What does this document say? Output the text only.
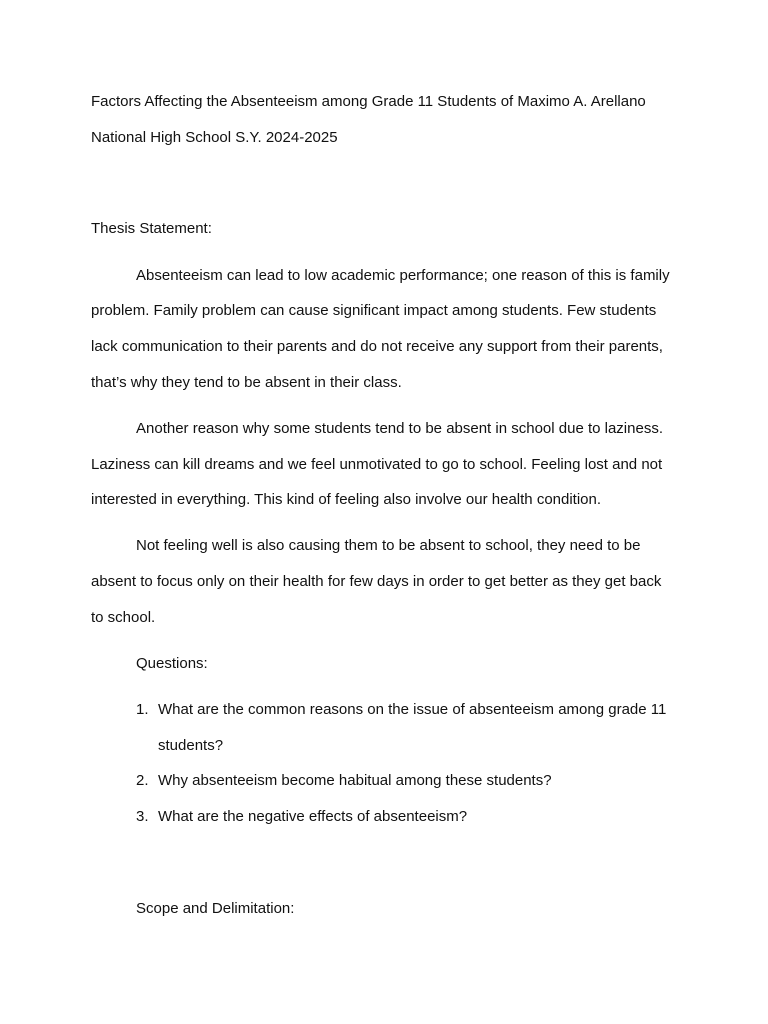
Factors Affecting the Absenteeism among Grade 11 Students of Maximo A. Arellano
National High School S.Y. 2024-2025
Thesis Statement:
Absenteeism can lead to low academic performance; one reason of this is family
problem. Family problem can cause significant impact among students. Few students
lack communication to their parents and do not receive any support from their parents,
that’s why they tend to be absent in their class.
Another reason why some students tend to be absent in school due to laziness.
Laziness can kill dreams and we feel unmotivated to go to school. Feeling lost and not
interested in everything. This kind of feeling also involve our health condition.
Not feeling well is also causing them to be absent to school, they need to be
absent to focus only on their health for few days in order to get better as they get back
to school.
Questions:
1. What are the common reasons on the issue of absenteeism among grade 11
students?
2. Why absenteeism become habitual among these students?
3. What are the negative effects of absenteeism?
Scope and Delimitation:
